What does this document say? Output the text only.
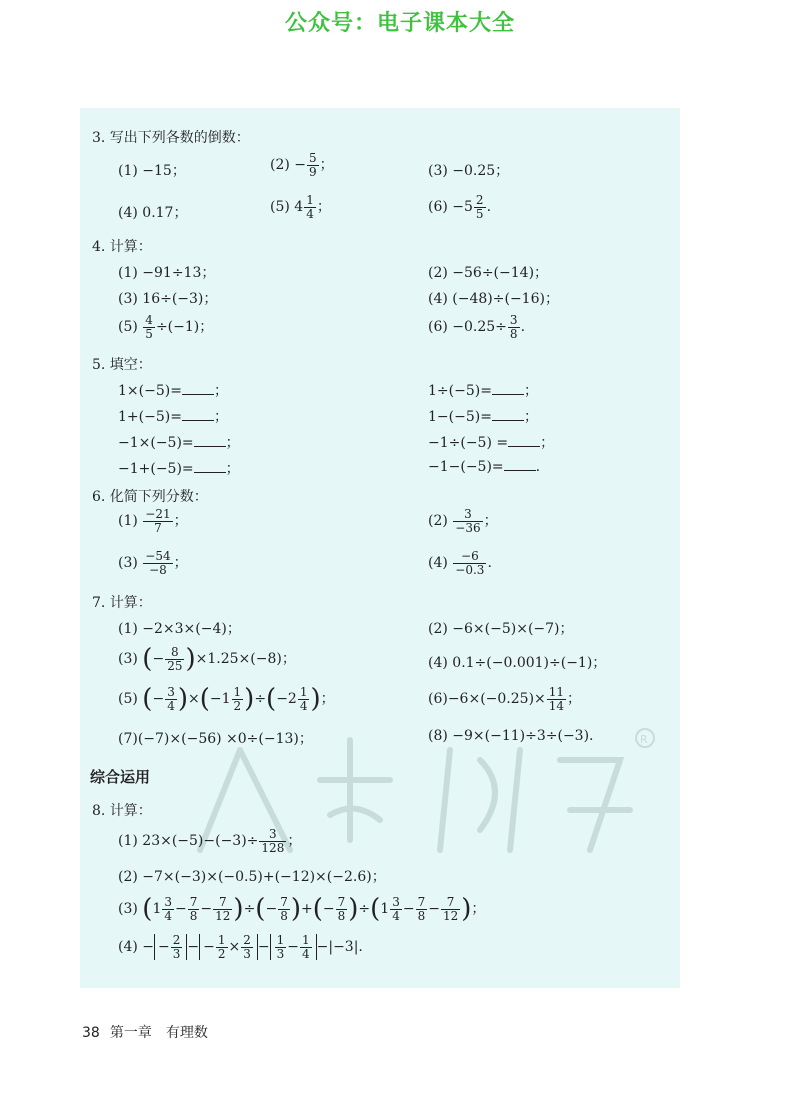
公众号：电子课本大全
R
3. 写出下列各数的倒数：
(1) −15；	$(2) - \frac{5}{9}$ ；	(3) −0.25；
(4) 0.17；	(5) $4 \frac{1}{4}$ ；	$(6) -5 \frac{2}{5}$ .
4. 计算：
(1) −91÷13；	(2) −56÷(−14)；
(3) 16÷(−3)；	(4) (−48)÷(−16)；
$(5) \frac{4}{5} \div(-1)$；	$(6) -0.25\div \frac{3}{8}$ .
5. 填空：
1×(−5)= ；	1÷(−5)= ；
1+(−5)= ；	1−(−5)= ；
−1×(−5)= ；	−1÷(−5) = ；
−1+(−5)= ；	−1−(−5)= .
6. 化简下列分数：
$(1) \frac{-21}{7}$ ；	$(2) \frac{3}{-36}$ ；
$(3) \frac{-54}{-8}$ ；	$(4) \frac{-6}{-0.3}$ .
7. 计算：
(1) −2×3×(−4)；	(2) −6×(−5)×(−7)；
(3) (− $\frac{8}{25} )\times 1.25\times(-8)$；	(4) 0.1÷(−0.001)÷(−1)；
(5) (− $\frac{3}{4} )\times(-1 \frac{1}{2} )\div(-2 \frac{1}{4}$ )；	$(6)-6\times(-0.25)\times \frac{11}{14}$ ；
(7)(−7)×(−56) ×0÷(−13)；	(8) −9×(−11)÷3÷(−3).
综合运用
8. 计算：
(1) $23\times(-5)-(-3)\div \frac{3}{128}$ ；
(2) −7×(−3)×(−0.5)+(−12)×(−2.6)；
(3) ($1 \frac{3}{4} - \frac{7}{8} - \frac{7}{12}$ )÷(− $\frac{7}{8}$ )+(− $\frac{7}{8} )\div(1 \frac{3}{4} - \frac{7}{8} - \frac{7}{12}$ )；
(4) − − $\frac{2}{3}$ − − $\frac{1}{2} \times \frac{2}{3} - \frac{1}{3} - \frac{1}{4} -|-3|$.
38 第一章　有理数
